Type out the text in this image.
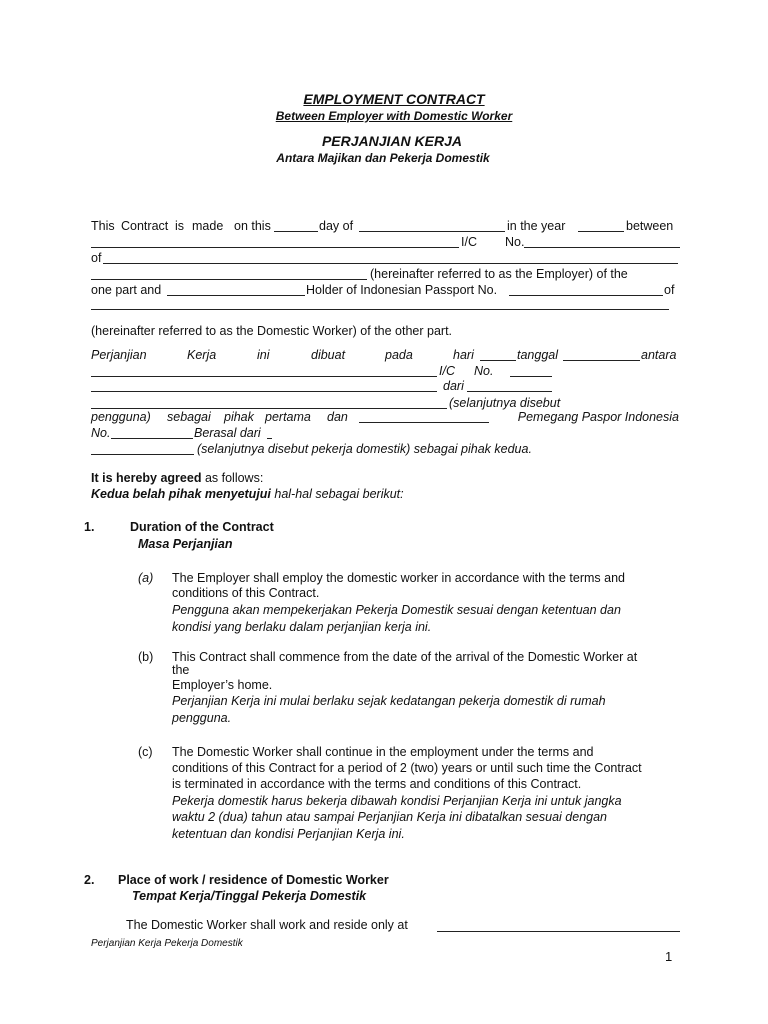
EMPLOYMENT CONTRACT
Between Employer with Domestic Worker
PERJANJIAN KERJA
Antara Majikan dan Pekerja Domestik
This Contract is made on this	day of	in the year	between
I/C No.
of
(hereinafter referred to as the Employer) of the
one part and	Holder of Indonesian Passport No.	of
(hereinafter referred to as the Domestic Worker) of the other part.
Perjanjian	Kerja	ini	dibuat	pada	hari	tanggal	antara
I/C No.
dari
(selanjutnya disebut
pengguna) sebagai pihak pertama dan	Pemegang Paspor Indonesia
No.	Berasal dari
(selanjutnya disebut pekerja domestik) sebagai pihak kedua.
It is hereby agreed as follows:
Kedua belah pihak menyetujui hal-hal sebagai berikut:
1.	Duration of the Contract
Masa Perjanjian
(a) The Employer shall employ the domestic worker in accordance with the terms and
conditions of this Contract.
Pengguna akan mempekerjakan Pekerja Domestik sesuai dengan ketentuan dan
kondisi yang berlaku dalam perjanjian kerja ini.
(b) This Contract shall commence from the date of the arrival of the Domestic Worker at
the
Employer’s home.
Perjanjian Kerja ini mulai berlaku sejak kedatangan pekerja domestik di rumah
pengguna.
(c) The Domestic Worker shall continue in the employment under the terms and
conditions of this Contract for a period of 2 (two) years or until such time the Contract
is terminated in accordance with the terms and conditions of this Contract.
Pekerja domestik harus bekerja dibawah kondisi Perjanjian Kerja ini untuk jangka
waktu 2 (dua) tahun atau sampai Perjanjian Kerja ini dibatalkan sesuai dengan
ketentuan dan kondisi Perjanjian Kerja ini.
2. Place of work / residence of Domestic Worker
Tempat Kerja/Tinggal Pekerja Domestik
The Domestic Worker shall work and reside only at
Perjanjian Kerja Pekerja Domestik
1
